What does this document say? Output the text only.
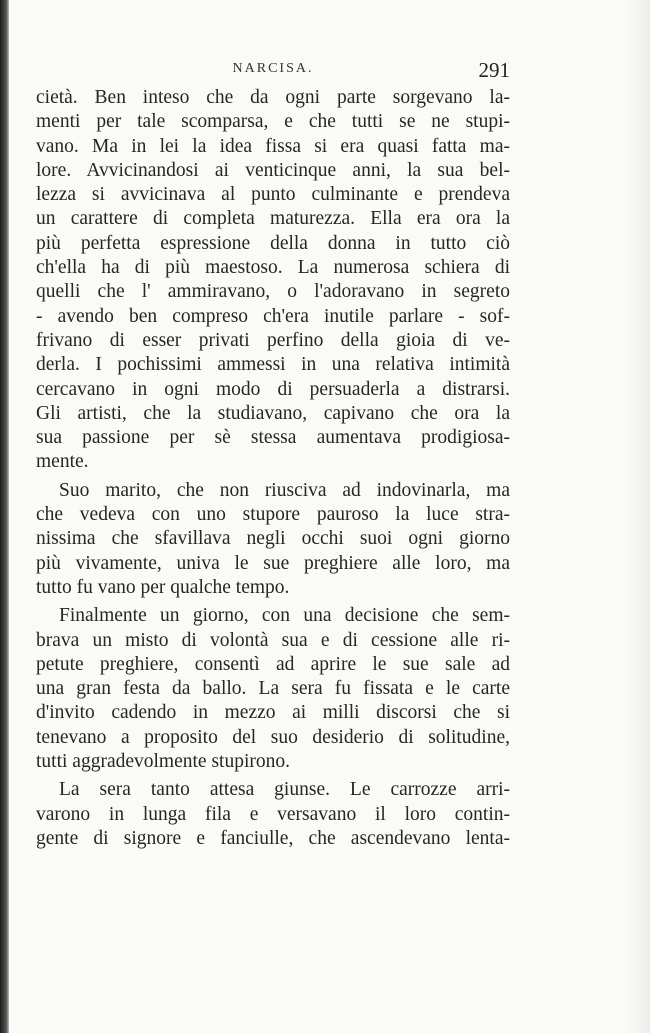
NARCISA.	291
cietà. Ben inteso che da ogni parte sorgevano la-
menti per tale scomparsa, e che tutti se ne stupi-
vano. Ma in lei la idea fissa si era quasi fatta ma-
lore. Avvicinandosi ai venticinque anni, la sua bel-
lezza si avvicinava al punto culminante e prendeva
un carattere di completa maturezza. Ella era ora la
più perfetta espressione della donna in tutto ciò
ch'ella ha di più maestoso. La numerosa schiera di
quelli che l' ammiravano, o l'adoravano in segreto
- avendo ben compreso ch'era inutile parlare - sof-
frivano di esser privati perfino della gioia di ve-
derla. I pochissimi ammessi in una relativa intimità
cercavano in ogni modo di persuaderla a distrarsi.
Gli artisti, che la studiavano, capivano che ora la
sua passione per sè stessa aumentava prodigiosa-
mente.
Suo marito, che non riusciva ad indovinarla, ma
che vedeva con uno stupore pauroso la luce stra-
nissima che sfavillava negli occhi suoi ogni giorno
più vivamente, univa le sue preghiere alle loro, ma
tutto fu vano per qualche tempo.
Finalmente un giorno, con una decisione che sem-
brava un misto di volontà sua e di cessione alle ri-
petute preghiere, consentì ad aprire le sue sale ad
una gran festa da ballo. La sera fu fissata e le carte
d'invito cadendo in mezzo ai milli discorsi che si
tenevano a proposito del suo desiderio di solitudine,
tutti aggradevolmente stupirono.
La sera tanto attesa giunse. Le carrozze arri-
varono in lunga fila e versavano il loro contin-
gente di signore e fanciulle, che ascendevano lenta-
